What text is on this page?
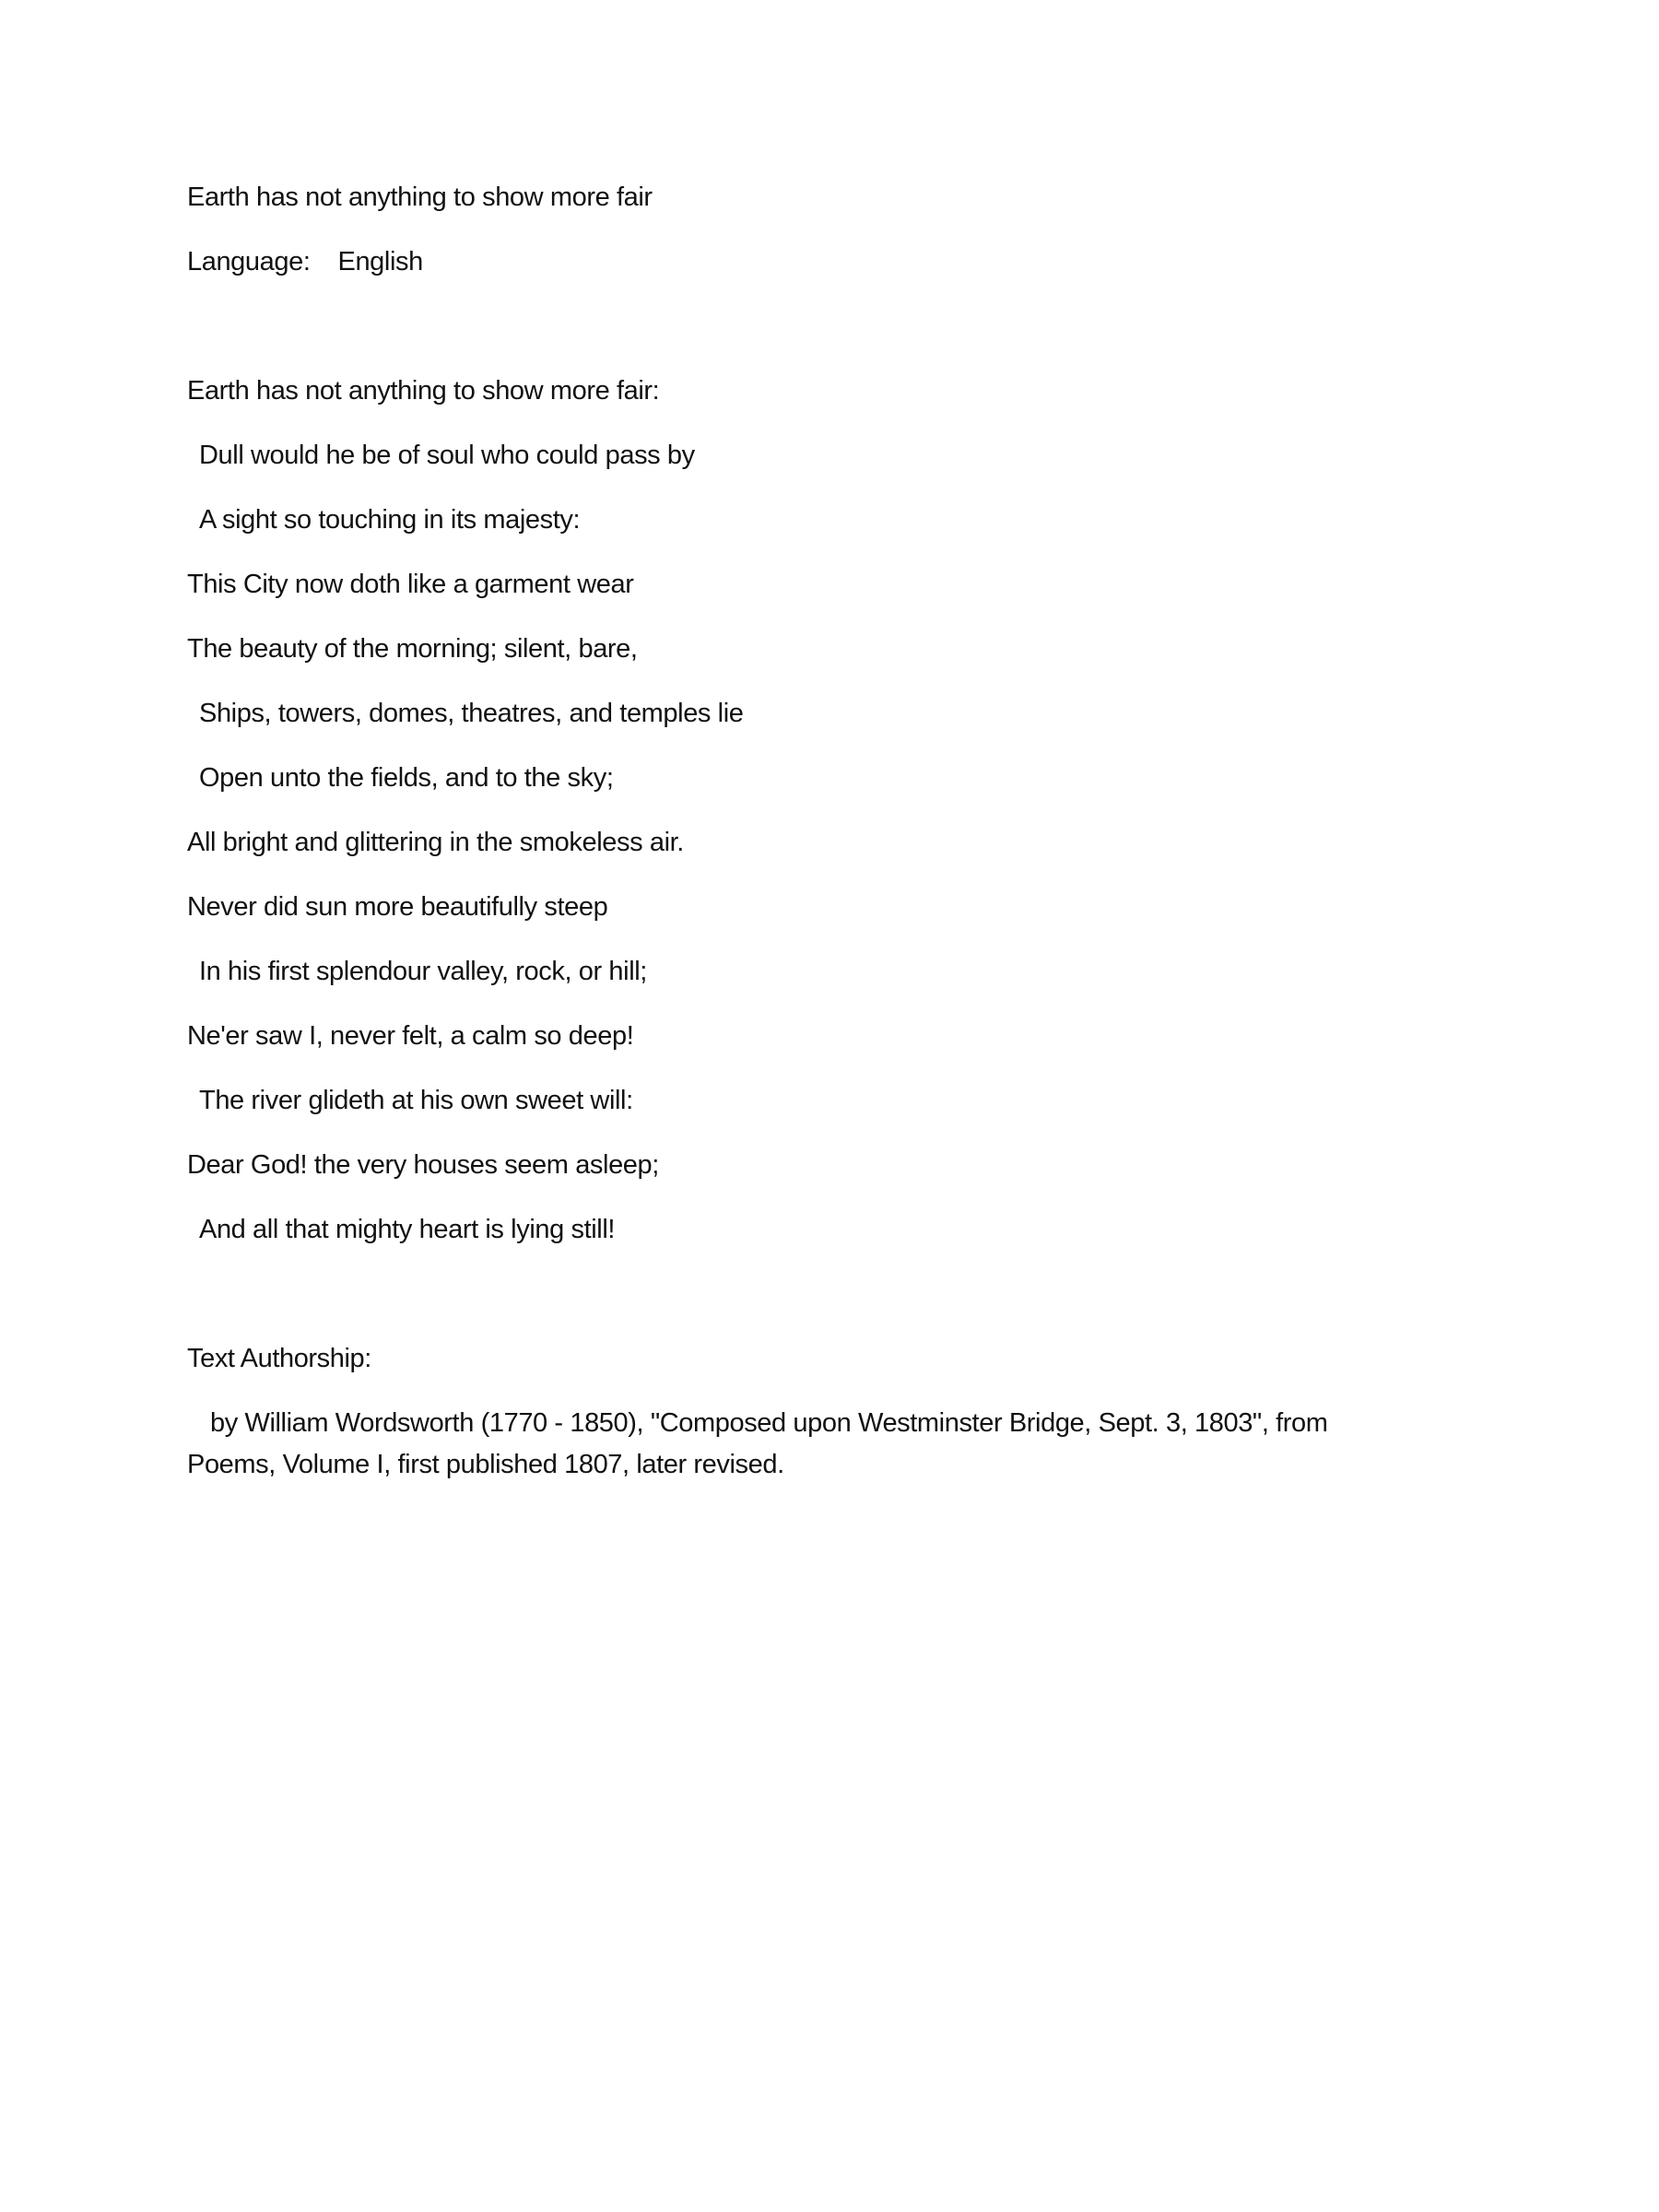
Earth has not anything to show more fair

Language: English

Earth has not anything to show more fair:

Dull would he be of soul who could pass by

A sight so touching in its majesty:

This City now doth like a garment wear

The beauty of the morning; silent, bare,

Ships, towers, domes, theatres, and temples lie

Open unto the fields, and to the sky;

All bright and glittering in the smokeless air.

Never did sun more beautifully steep

In his first splendour valley, rock, or hill;

Ne'er saw I, never felt, a calm so deep!

The river glideth at his own sweet will:

Dear God! the very houses seem asleep;

And all that mighty heart is lying still!

Text Authorship:

by William Wordsworth (1770 - 1850), "Composed upon Westminster Bridge, Sept. 3, 1803", from Poems, Volume I, first published 1807, later revised.
